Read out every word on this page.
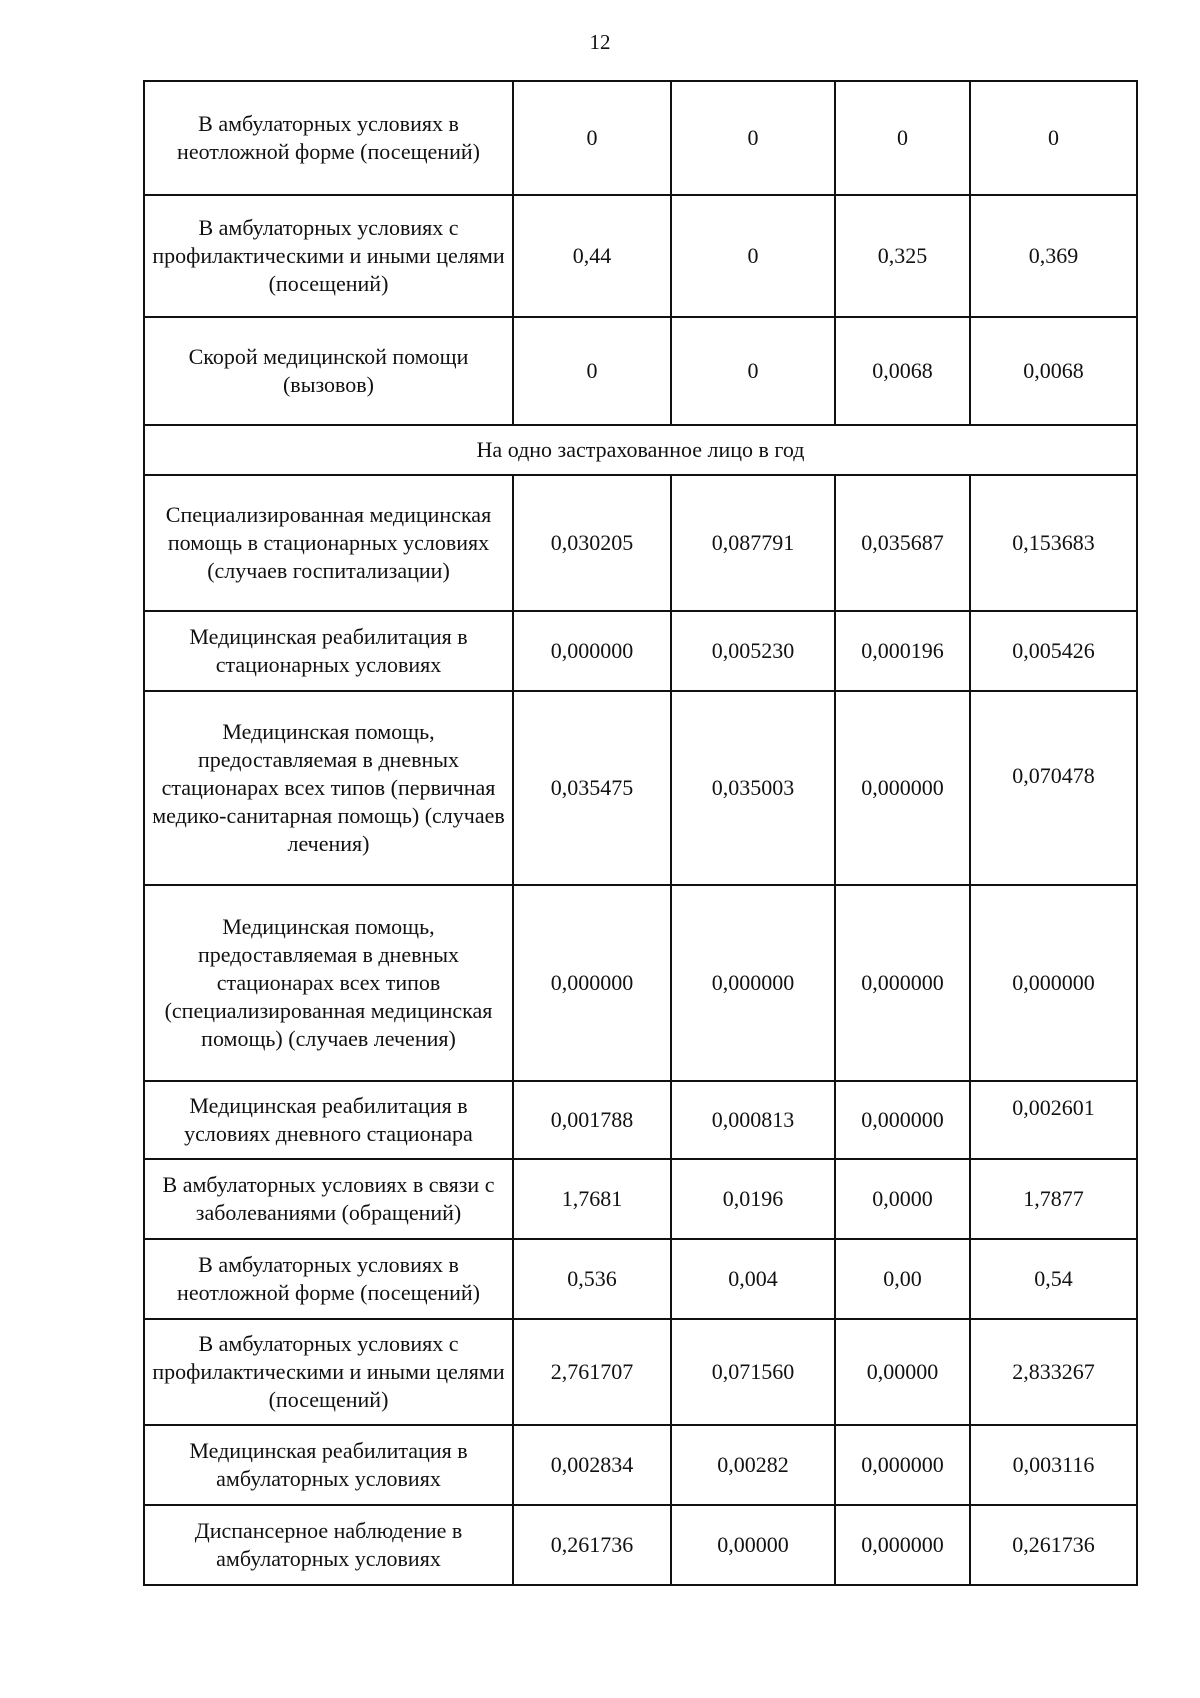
12
В амбулаторных условиях в неотложной форме (посещений)	0	0	0	0
В амбулаторных условиях с профилактическими и иными целями (посещений)	0,44	0	0,325	0,369
Скорой медицинской помощи (вызовов)	0	0	0,0068	0,0068
На одно застрахованное лицо в год				
Специализированная медицинская помощь в стационарных условиях (случаев госпитализации)	0,030205	0,087791	0,035687	0,153683
Медицинская реабилитация в стационарных условиях	0,000000	0,005230	0,000196	0,005426
Медицинская помощь, предоставляемая в дневных стационарах всех типов (первичная медико-санитарная помощь) (случаев лечения)	0,035475	0,035003	0,000000	0,070478
Медицинская помощь, предоставляемая в дневных стационарах всех типов (специализированная медицинская помощь) (случаев лечения)	0,000000	0,000000	0,000000	0,000000
Медицинская реабилитация в условиях дневного стационара	0,001788	0,000813	0,000000	0,002601
В амбулаторных условиях в связи с заболеваниями (обращений)	1,7681	0,0196	0,0000	1,7877
В амбулаторных условиях в неотложной форме (посещений)	0,536	0,004	0,00	0,54
В амбулаторных условиях с профилактическими и иными целями (посещений)	2,761707	0,071560	0,00000	2,833267
Медицинская реабилитация в амбулаторных условиях	0,002834	0,00282	0,000000	0,003116
Диспансерное наблюдение в амбулаторных условиях	0,261736	0,00000	0,000000	0,261736
